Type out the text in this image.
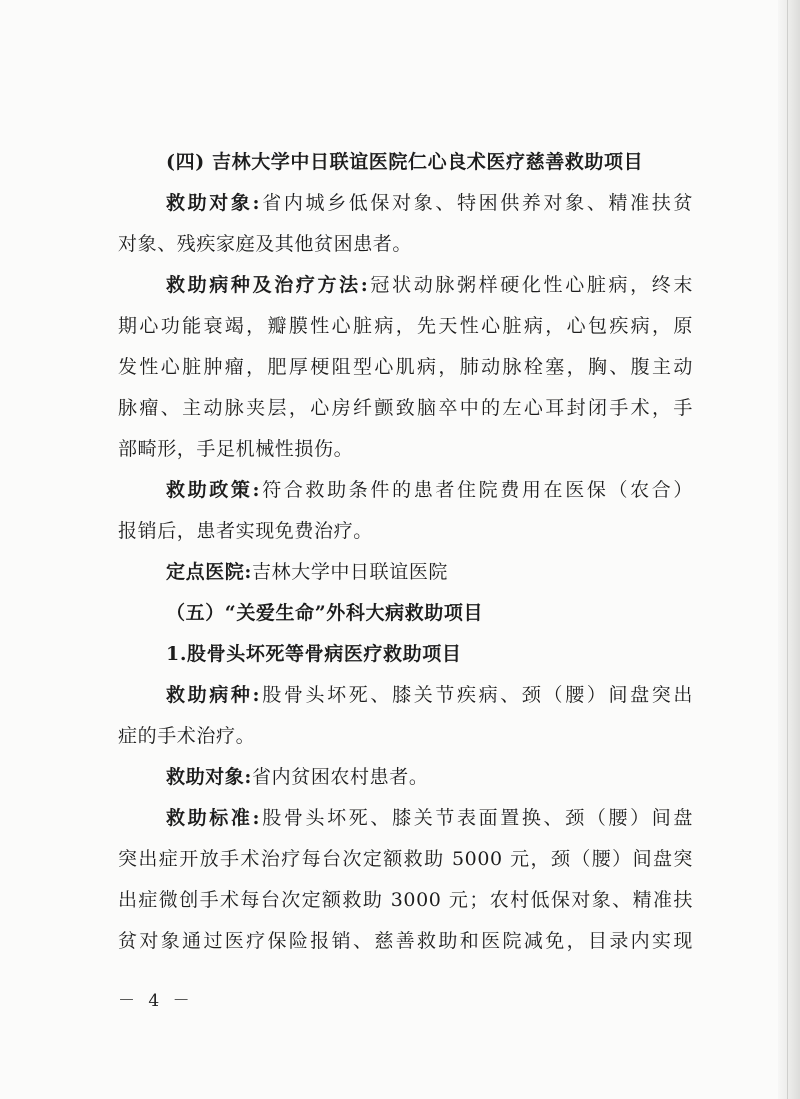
(四) 吉林大学中日联谊医院仁心良术医疗慈善救助项目
救助对象:省内城乡低保对象、特困供养对象、精准扶贫
对象、残疾家庭及其他贫困患者。
救助病种及治疗方法:冠状动脉粥样硬化性心脏病，终末
期心功能衰竭，瓣膜性心脏病，先天性心脏病，心包疾病，原
发性心脏肿瘤，肥厚梗阻型心肌病，肺动脉栓塞，胸、腹主动
脉瘤、主动脉夹层，心房纤颤致脑卒中的左心耳封闭手术，手
部畸形，手足机械性损伤。
救助政策:符合救助条件的患者住院费用在医保（农合）
报销后，患者实现免费治疗。
定点医院:吉林大学中日联谊医院
（五）“关爱生命”外科大病救助项目
1.股骨头坏死等骨病医疗救助项目
救助病种:股骨头坏死、膝关节疾病、颈（腰）间盘突出
症的手术治疗。
救助对象:省内贫困农村患者。
救助标准:股骨头坏死、膝关节表面置换、颈（腰）间盘
突出症开放手术治疗每台次定额救助 5000 元，颈（腰）间盘突
出症微创手术每台次定额救助 3000 元；农村低保对象、精准扶
贫对象通过医疗保险报销、慈善救助和医院减免，目录内实现
－ 4 －
